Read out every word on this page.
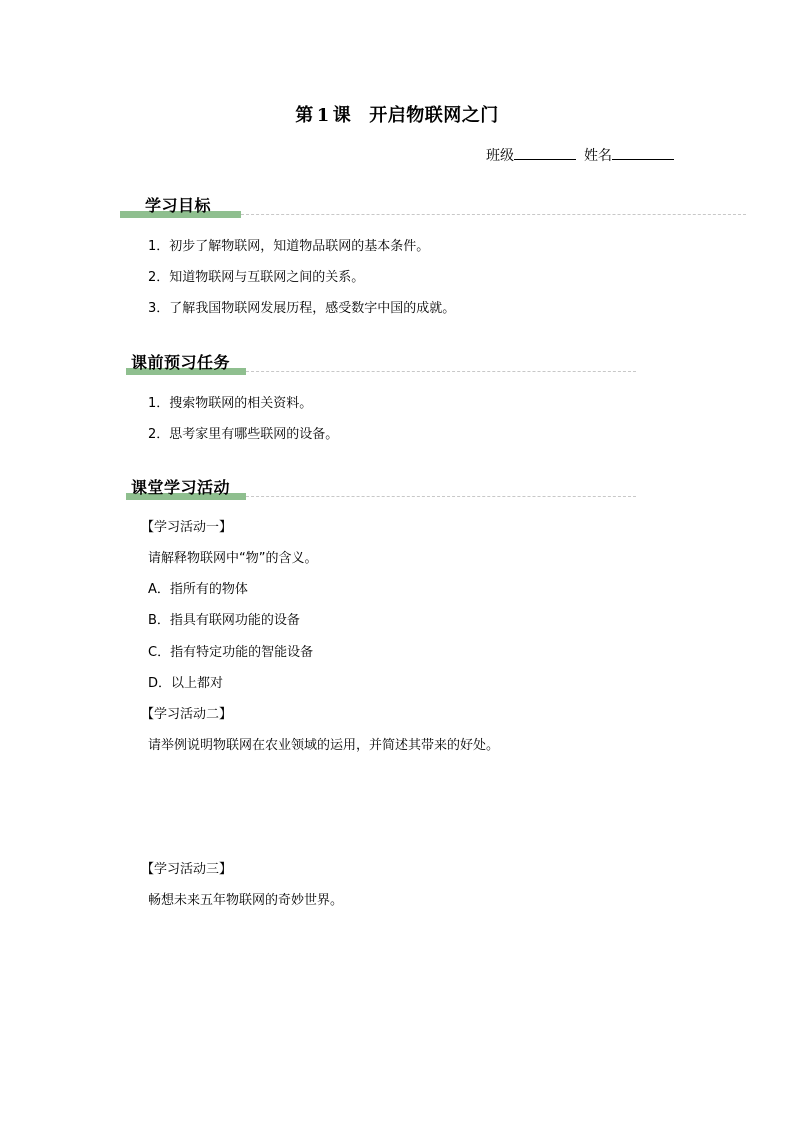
第 1 课 开启物联网之门
班级	姓名
学习目标
1．初步了解物联网，知道物品联网的基本条件。
2．知道物联网与互联网之间的关系。
3．了解我国物联网发展历程，感受数字中国的成就。
课前预习任务
1．搜索物联网的相关资料。
2．思考家里有哪些联网的设备。
课堂学习活动
【学习活动一】
请解释物联网中“物”的含义。
A．指所有的物体
B．指具有联网功能的设备
C．指有特定功能的智能设备
D．以上都对
【学习活动二】
请举例说明物联网在农业领域的运用，并简述其带来的好处。
【学习活动三】
畅想未来五年物联网的奇妙世界。
